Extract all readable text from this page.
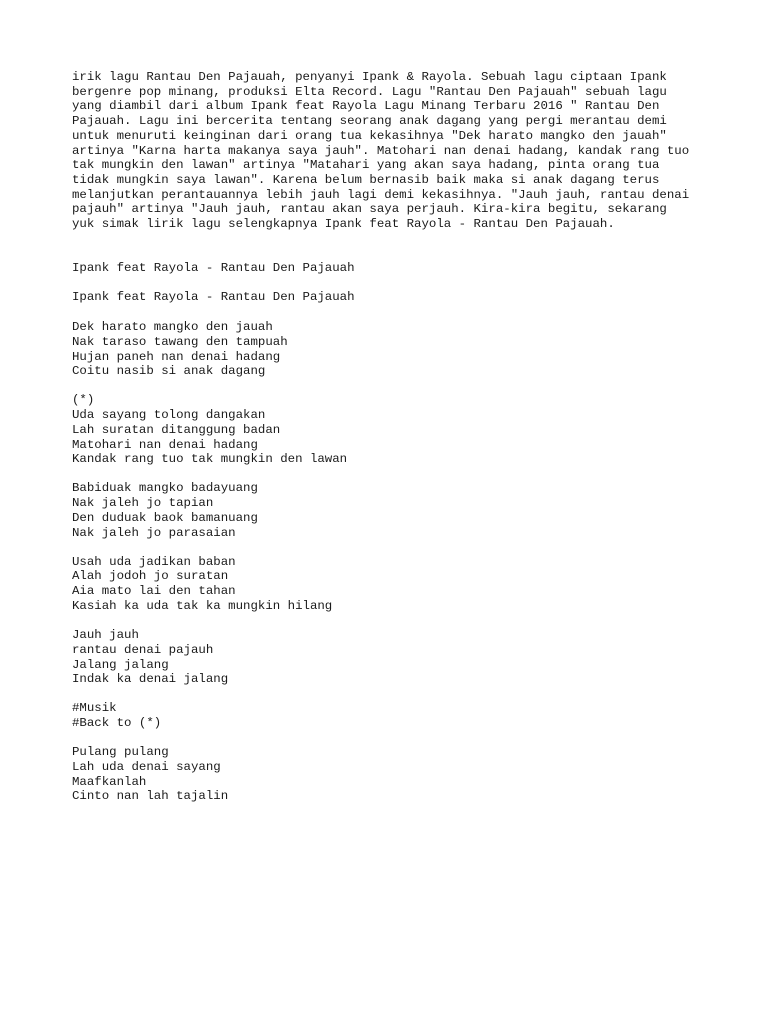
irik lagu Rantau Den Pajauah, penyanyi Ipank & Rayola. Sebuah lagu ciptaan Ipank
bergenre pop minang, produksi Elta Record. Lagu "Rantau Den Pajauah" sebuah lagu
yang diambil dari album Ipank feat Rayola Lagu Minang Terbaru 2016 " Rantau Den
Pajauah. Lagu ini bercerita tentang seorang anak dagang yang pergi merantau demi
untuk menuruti keinginan dari orang tua kekasihnya "Dek harato mangko den jauah"
artinya "Karna harta makanya saya jauh". Matohari nan denai hadang, kandak rang tuo
tak mungkin den lawan" artinya "Matahari yang akan saya hadang, pinta orang tua
tidak mungkin saya lawan". Karena belum bernasib baik maka si anak dagang terus
melanjutkan perantauannya lebih jauh lagi demi kekasihnya. "Jauh jauh, rantau denai
pajauh" artinya "Jauh jauh, rantau akan saya perjauh. Kira-kira begitu, sekarang
yuk simak lirik lagu selengkapnya Ipank feat Rayola - Rantau Den Pajauah.
Ipank feat Rayola - Rantau Den Pajauah
Ipank feat Rayola - Rantau Den Pajauah
Dek harato mangko den jauah
Nak taraso tawang den tampuah
Hujan paneh nan denai hadang
Coitu nasib si anak dagang
(*)
Uda sayang tolong dangakan
Lah suratan ditanggung badan
Matohari nan denai hadang
Kandak rang tuo tak mungkin den lawan
Babiduak mangko badayuang
Nak jaleh jo tapian
Den duduak baok bamanuang
Nak jaleh jo parasaian
Usah uda jadikan baban
Alah jodoh jo suratan
Aia mato lai den tahan
Kasiah ka uda tak ka mungkin hilang
Jauh jauh
rantau denai pajauh
Jalang jalang
Indak ka denai jalang
#Musik
#Back to (*)
Pulang pulang
Lah uda denai sayang
Maafkanlah
Cinto nan lah tajalin
